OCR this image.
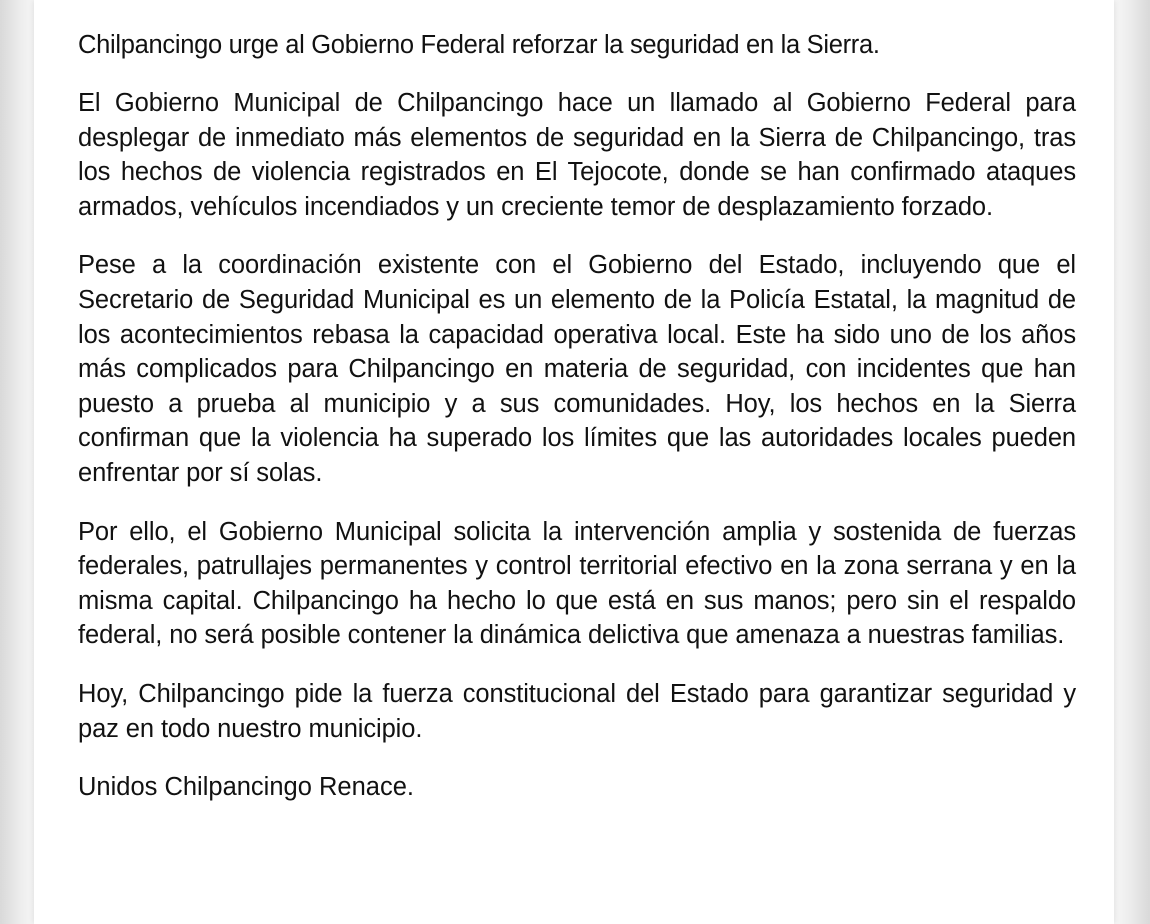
Chilpancingo urge al Gobierno Federal reforzar la seguridad en la Sierra.

El Gobierno Municipal de Chilpancingo hace un llamado al Gobierno Federal para desplegar de inmediato más elementos de seguridad en la Sierra de Chilpancingo, tras los hechos de violencia registrados en El Tejocote, donde se han confirmado ataques armados, vehículos incendiados y un creciente temor de desplazamiento forzado.

Pese a la coordinación existente con el Gobierno del Estado, incluyendo que el Secretario de Seguridad Municipal es un elemento de la Policía Estatal, la magnitud de los acontecimientos rebasa la capacidad operativa local. Este ha sido uno de los años más complicados para Chilpancingo en materia de seguridad, con incidentes que han puesto a prueba al municipio y a sus comunidades. Hoy, los hechos en la Sierra confirman que la violencia ha superado los límites que las autoridades locales pueden enfrentar por sí solas.

Por ello, el Gobierno Municipal solicita la intervención amplia y sostenida de fuerzas federales, patrullajes permanentes y control territorial efectivo en la zona serrana y en la misma capital. Chilpancingo ha hecho lo que está en sus manos; pero sin el respaldo federal, no será posible contener la dinámica delictiva que amenaza a nuestras familias.

Hoy, Chilpancingo pide la fuerza constitucional del Estado para garantizar seguridad y paz en todo nuestro municipio.

Unidos Chilpancingo Renace.
